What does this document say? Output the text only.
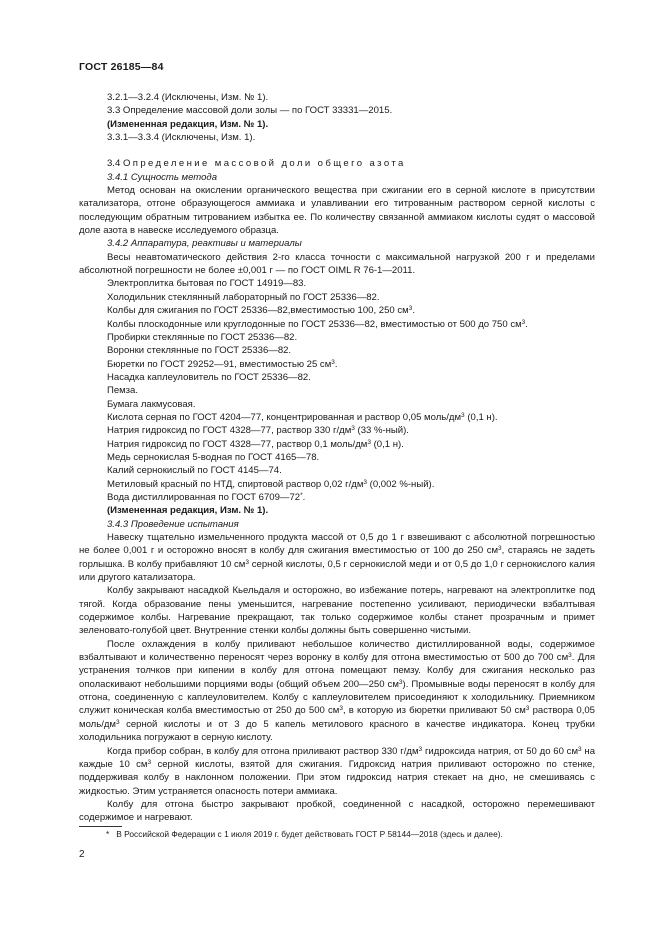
ГОСТ 26185—84

3.2.1—3.2.4 (Исключены, Изм. № 1).

3.3 Определение массовой доли золы — по ГОСТ 33331—2015.

(Измененная редакция, Изм. № 1).

3.3.1—3.3.4 (Исключены, Изм. 1).

3.4 Определение массовой доли общего азота

3.4.1 Сущность метода

Метод основан на окислении органического вещества при сжигании его в серной кислоте в присутствии катализатора, отгоне образующегося аммиака и улавливании его титрованным раствором серной кислоты с последующим обратным титрованием избытка ее. По количеству связанной аммиаком кислоты судят о массовой доле азота в навеске исследуемого образца.

3.4.2 Аппаратура, реактивы и материалы

Весы неавтоматического действия 2-го класса точности с максимальной нагрузкой 200 г и пределами абсолютной погрешности не более ±0,001 г — по ГОСТ OIML R 76-1—2011.

Электроплитка бытовая по ГОСТ 14919—83.

Холодильник стеклянный лабораторный по ГОСТ 25336—82.

Колбы для сжигания по ГОСТ 25336—82,вместимостью 100, 250 $см^3$.

Колбы плоскодонные или круглодонные по ГОСТ 25336—82, вместимостью от 500 до 750 $см^3$.

Пробирки стеклянные по ГОСТ 25336—82.

Воронки стеклянные по ГОСТ 25336—82.

Бюретки по ГОСТ 29252—91, вместимостью 25 $см^3$.

Насадка каплеуловитель по ГОСТ 25336—82.

Пемза.

Бумага лакмусовая.

Кислота серная по ГОСТ 4204—77, концентрированная и раствор 0,05 моль/$дм^3$ (0,1 н).

Натрия гидроксид по ГОСТ 4328—77, раствор 330 $г/дм^3$ (33 %-ный).

Натрия гидроксид по ГОСТ 4328—77, раствор 0,1 моль/$дм^3$ (0,1 н).

Медь сернокислая 5-водная по ГОСТ 4165—78.

Калий сернокислый по ГОСТ 4145—74.

Метиловый красный по НТД, спиртовой раствор 0,02 $г/дм^3$ (0,002 %-ный).

Вода дистиллированная по ГОСТ 6709—72*.

(Измененная редакция, Изм. № 1).

3.4.3 Проведение испытания

Навеску тщательно измельченного продукта массой от 0,5 до 1 г взвешивают с абсолютной погрешностью не более 0,001 г и осторожно вносят в колбу для сжигания вместимостью от 100 до 250 $см^3$, стараясь не задеть горлышка. В колбу прибавляют 10 $см^3$ серной кислоты, 0,5 г сернокислой меди и от 0,5 до 1,0 г сернокислого калия или другого катализатора.

Колбу закрывают насадкой Кьельдаля и осторожно, во избежание потерь, нагревают на электроплитке под тягой. Когда образование пены уменьшится, нагревание постепенно усиливают, периодически взбалтывая содержимое колбы. Нагревание прекращают, так только содержимое колбы станет прозрачным и примет зеленовато-голубой цвет. Внутренние стенки колбы должны быть совершенно чистыми.

После охлаждения в колбу приливают небольшое количество дистиллированной воды, содержимое взбалтывают и количественно переносят через воронку в колбу для отгона вместимостью от 500 до 700 $см^3$. Для устранения толчков при кипении в колбу для отгона помещают пемзу. Колбу для сжигания несколько раз ополаскивают небольшими порциями воды (общий объем 200—250 $см^3$). Промывные воды переносят в колбу для отгона, соединенную с каплеуловителем. Колбу с каплеуловителем присоединяют к холодильнику. Приемником служит коническая колба вместимостью от 250 до 500 $см^3$, в которую из бюретки приливают 50 $см^3$ раствора 0,05 моль/$дм^3$ серной кислоты и от 3 до 5 капель метилового красного в качестве индикатора. Конец трубки холодильника погружают в серную кислоту.

Когда прибор собран, в колбу для отгона приливают раствор 330 $г/дм^3$ гидроксида натрия, от 50 до 60 $см^3$ на каждые 10 $см^3$ серной кислоты, взятой для сжигания. Гидроксид натрия приливают осторожно по стенке, поддерживая колбу в наклонном положении. При этом гидроксид натрия стекает на дно, не смешиваясь с жидкостью. Этим устраняется опасность потери аммиака.

Колбу для отгона быстро закрывают пробкой, соединенной с насадкой, осторожно перемешивают содержимое и нагревают.

* В Российской Федерации с 1 июля 2019 г. будет действовать ГОСТ Р 58144—2018 (здесь и далее).
2
